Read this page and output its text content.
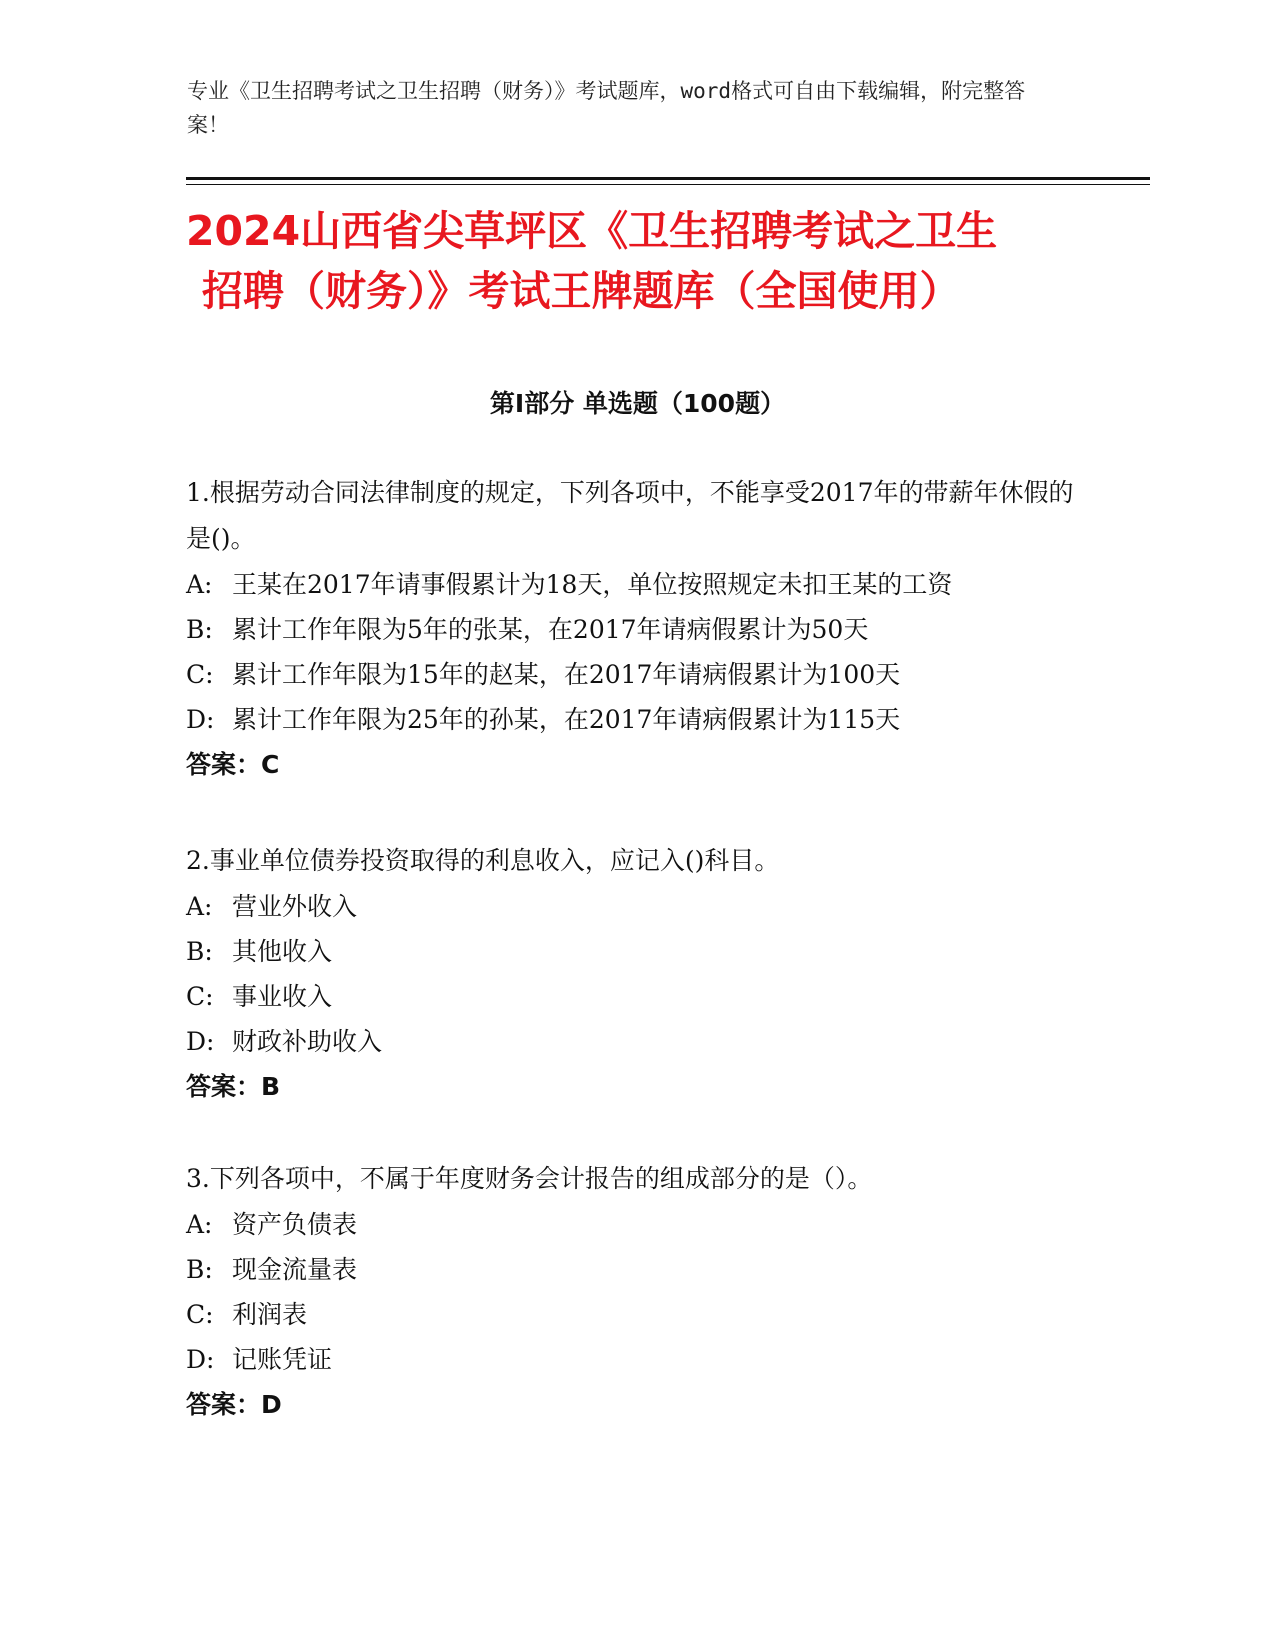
专业《卫生招聘考试之卫生招聘（财务）》考试题库，word格式可自由下载编辑，附完整答案！
2024山西省尖草坪区《卫生招聘考试之卫生
招聘（财务）》考试王牌题库（全国使用）
第Ⅰ部分 单选题（100题）
1.根据劳动合同法律制度的规定，下列各项中，不能享受2017年的带薪年休假的是()。
A: 王某在2017年请事假累计为18天，单位按照规定未扣王某的工资
B: 累计工作年限为5年的张某，在2017年请病假累计为50天
C: 累计工作年限为15年的赵某，在2017年请病假累计为100天
D: 累计工作年限为25年的孙某，在2017年请病假累计为115天
答案：C
2.事业单位债券投资取得的利息收入，应记入()科目。
A: 营业外收入
B: 其他收入
C: 事业收入
D: 财政补助收入
答案：B
3.下列各项中，不属于年度财务会计报告的组成部分的是（）。
A: 资产负债表
B: 现金流量表
C: 利润表
D: 记账凭证
答案：D
